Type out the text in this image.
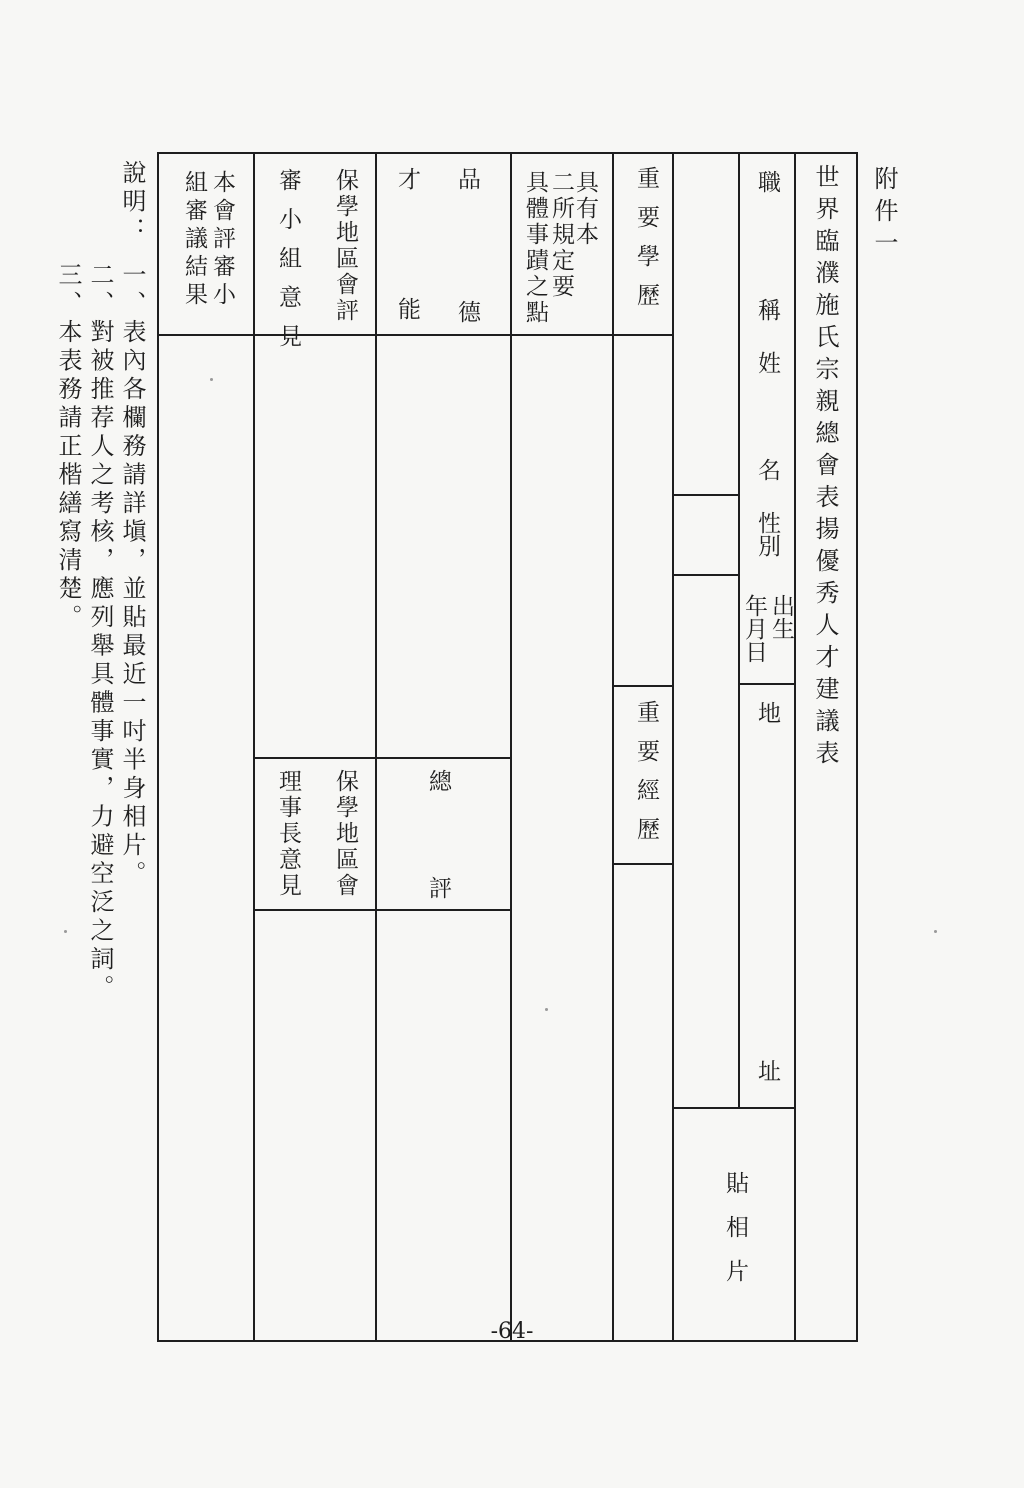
附件一
世界臨濮施氏宗親總會表揚優秀人才建議表
職
稱
姓
名
性別
出生
年月日
地
址
貼
相
片
重要學歷
重要經歷
具有本
二所規定要
具體事蹟之點
品
德
才
能
總
評
保學地區會評
審小組意見
保學地區會
理事長意見
本會評審小
組審議結果
說明：
一、表內各欄務請詳塡，並貼最近一吋半身相片。
二、對被推荐人之考核，應列舉具體事實，力避空泛之詞。
三、本表務請正楷繕寫清楚。
-64-
